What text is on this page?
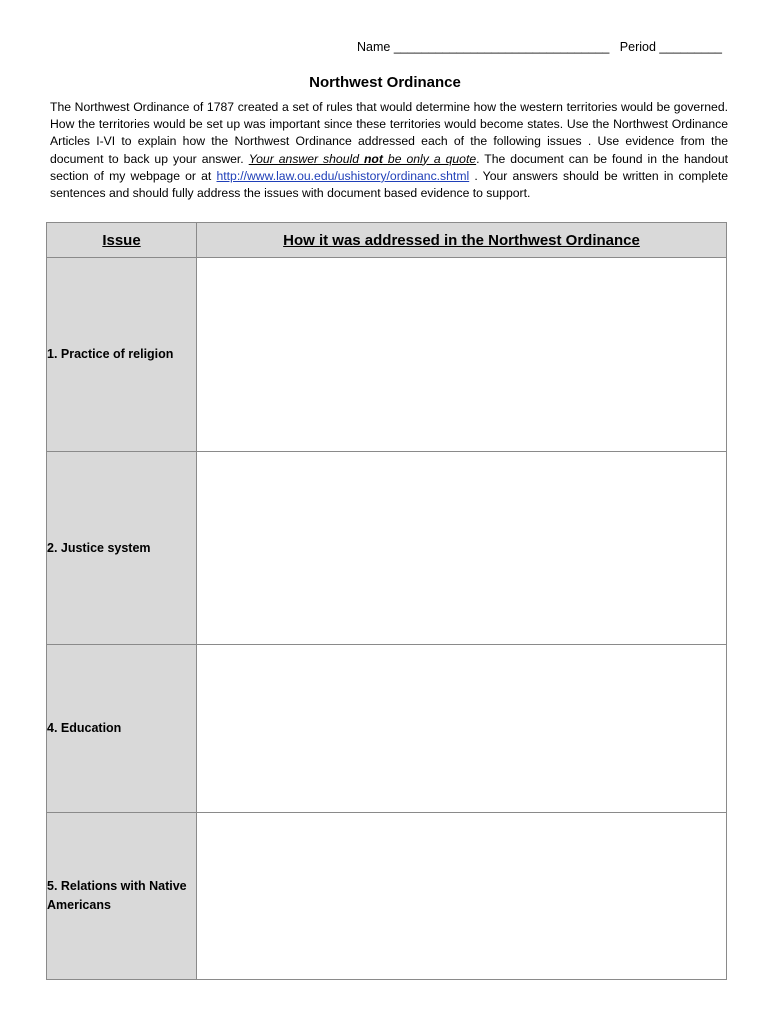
Name _______________________________ Period _________
Northwest Ordinance
The Northwest Ordinance of 1787 created a set of rules that would determine how the western territories would be governed. How the territories would be set up was important since these territories would become states. Use the Northwest Ordinance Articles I-VI to explain how the Northwest Ordinance addressed each of the following issues . Use evidence from the document to back up your answer. Your answer should not be only a quote. The document can be found in the handout section of my webpage or at http://www.law.ou.edu/ushistory/ordinanc.shtml . Your answers should be written in complete sentences and should fully address the issues with document based evidence to support.
Issue	How it was addressed in the Northwest Ordinance
1. Practice of religion	
2. Justice system	
4. Education	
5. Relations with Native Americans	
